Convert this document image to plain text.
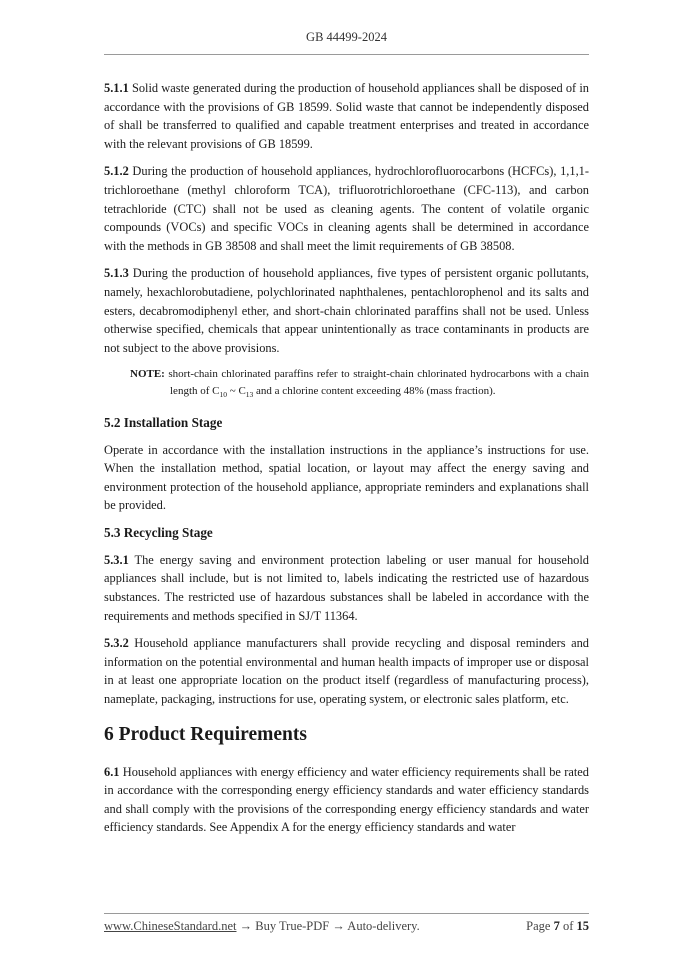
GB 44499-2024

5.1.1 Solid waste generated during the production of household appliances shall be disposed of in accordance with the provisions of GB 18599. Solid waste that cannot be independently disposed of shall be transferred to qualified and capable treatment enterprises and treated in accordance with the relevant provisions of GB 18599.

5.1.2 During the production of household appliances, hydrochlorofluorocarbons (HCFCs), 1,1,1-trichloroethane (methyl chloroform TCA), trifluorotrichloroethane (CFC-113), and carbon tetrachloride (CTC) shall not be used as cleaning agents. The content of volatile organic compounds (VOCs) and specific VOCs in cleaning agents shall be determined in accordance with the methods in GB 38508 and shall meet the limit requirements of GB 38508.

5.1.3 During the production of household appliances, five types of persistent organic pollutants, namely, hexachlorobutadiene, polychlorinated naphthalenes, pentachlorophenol and its salts and esters, decabromodiphenyl ether, and short-chain chlorinated paraffins shall not be used. Unless otherwise specified, chemicals that appear unintentionally as trace contaminants in products are not subject to the above provisions.

NOTE: short-chain chlorinated paraffins refer to straight-chain chlorinated hydrocarbons with a chain length of $C_{10}$ ~ $C_{13}$ and a chlorine content exceeding 48% (mass fraction).
5.2 Installation Stage

Operate in accordance with the installation instructions in the appliance’s instructions for use. When the installation method, spatial location, or layout may affect the energy saving and environment protection of the household appliance, appropriate reminders and explanations shall be provided.

5.3 Recycling Stage

5.3.1 The energy saving and environment protection labeling or user manual for household appliances shall include, but is not limited to, labels indicating the restricted use of hazardous substances. The restricted use of hazardous substances shall be labeled in accordance with the requirements and methods specified in SJ/T 11364.

5.3.2 Household appliance manufacturers shall provide recycling and disposal reminders and information on the potential environmental and human health impacts of improper use or disposal in at least one appropriate location on the product itself (regardless of manufacturing process), nameplate, packaging, instructions for use, operating system, or electronic sales platform, etc.

6 Product Requirements

6.1 Household appliances with energy efficiency and water efficiency requirements shall be rated in accordance with the corresponding energy efficiency standards and water efficiency standards and shall comply with the provisions of the corresponding energy efficiency standards and water efficiency standards. See Appendix A for the energy efficiency standards and water

www.ChineseStandard.net → Buy True-PDF → Auto-delivery.	Page 7 of 15
